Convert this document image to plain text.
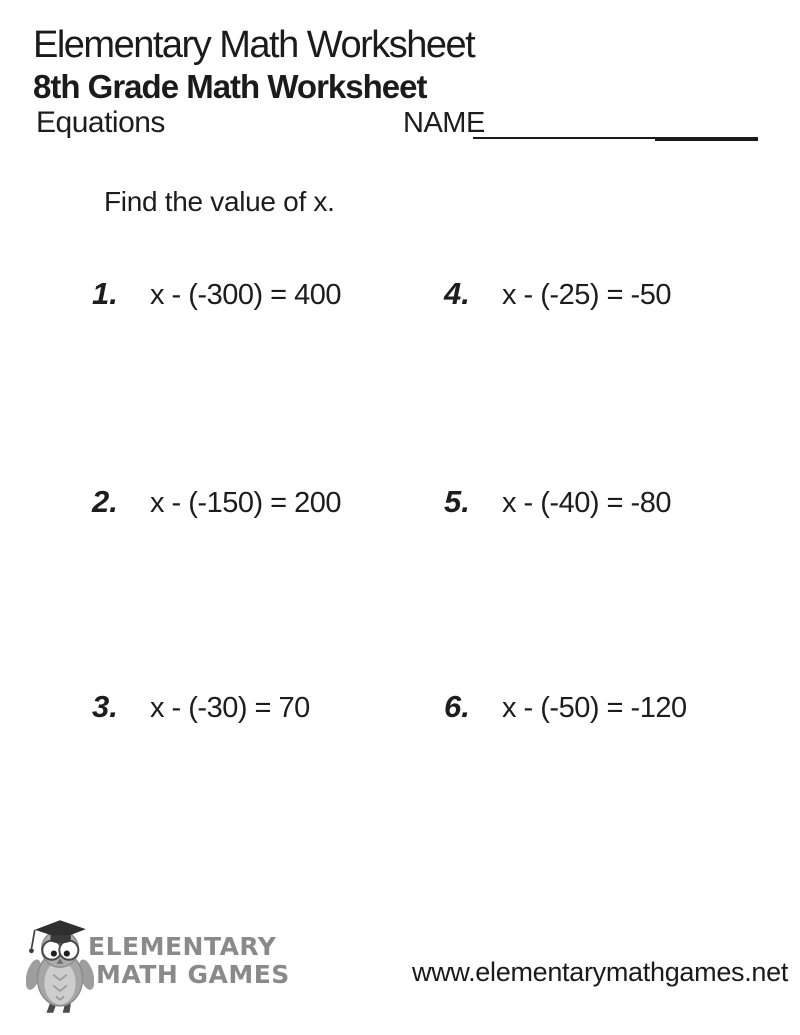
Elementary Math Worksheet
8th Grade Math Worksheet
Equations	NAME
Find the value of x.
1.	x - (-300) = 400
2.	x - (-150) = 200
3.	x - (-30) = 70
4.	x - (-25) = -50
5.	x - (-40) = -80
6.	x - (-50) = -120
ELEMENTARY
MATH GAMES	www.elementarymathgames.net
